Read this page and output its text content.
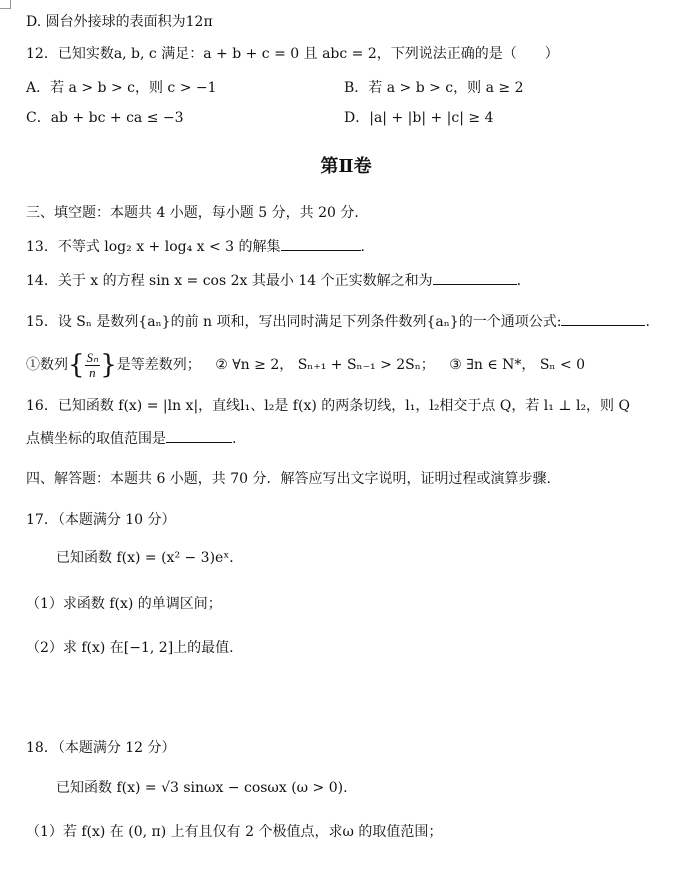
D. 圆台外接球的表面积为12π
12．已知实数a, b, c 满足：a + b + c = 0 且 abc = 2，下列说法正确的是（　　）
A．若 a > b > c，则 c > −1	B．若 a > b > c，则 a ≥ 2
C．ab + bc + ca ≤ −3	D．|a| + |b| + |c| ≥ 4
第Ⅱ卷
三、填空题：本题共 4 小题，每小题 5 分，共 20 分．
13．不等式 log₂ x + log₄ x < 3 的解集	.
14．关于 x 的方程 sin x = cos 2x 其最小 14 个正实数解之和为	.
15．设 Sₙ 是数列{aₙ}的前 n 项和，写出同时满足下列条件数列{aₙ}的一个通项公式:	.
①数列{ $\frac{\text{Sₙ}}{n}$ }是等差数列； ② ∀n ≥ 2， Sₙ₊₁ + Sₙ₋₁ > 2Sₙ； ③ ∃n ∈ N*， Sₙ < 0
16．已知函数 f(x) = |ln x|，直线l₁、l₂是 f(x) 的两条切线，l₁，l₂相交于点 Q，若 l₁ ⊥ l₂，则 Q
点横坐标的取值范围是	.
四、解答题：本题共 6 小题，共 70 分．解答应写出文字说明，证明过程或演算步骤．
17．（本题满分 10 分）
已知函数 f(x) = (x² − 3)eˣ．
（1）求函数 f(x) 的单调区间；
（2）求 f(x) 在[−1, 2]上的最值.
18．（本题满分 12 分）
已知函数 f(x) = √3 sinωx − cosωx (ω > 0).
（1）若 f(x) 在 (0, π) 上有且仅有 2 个极值点，求ω 的取值范围；
